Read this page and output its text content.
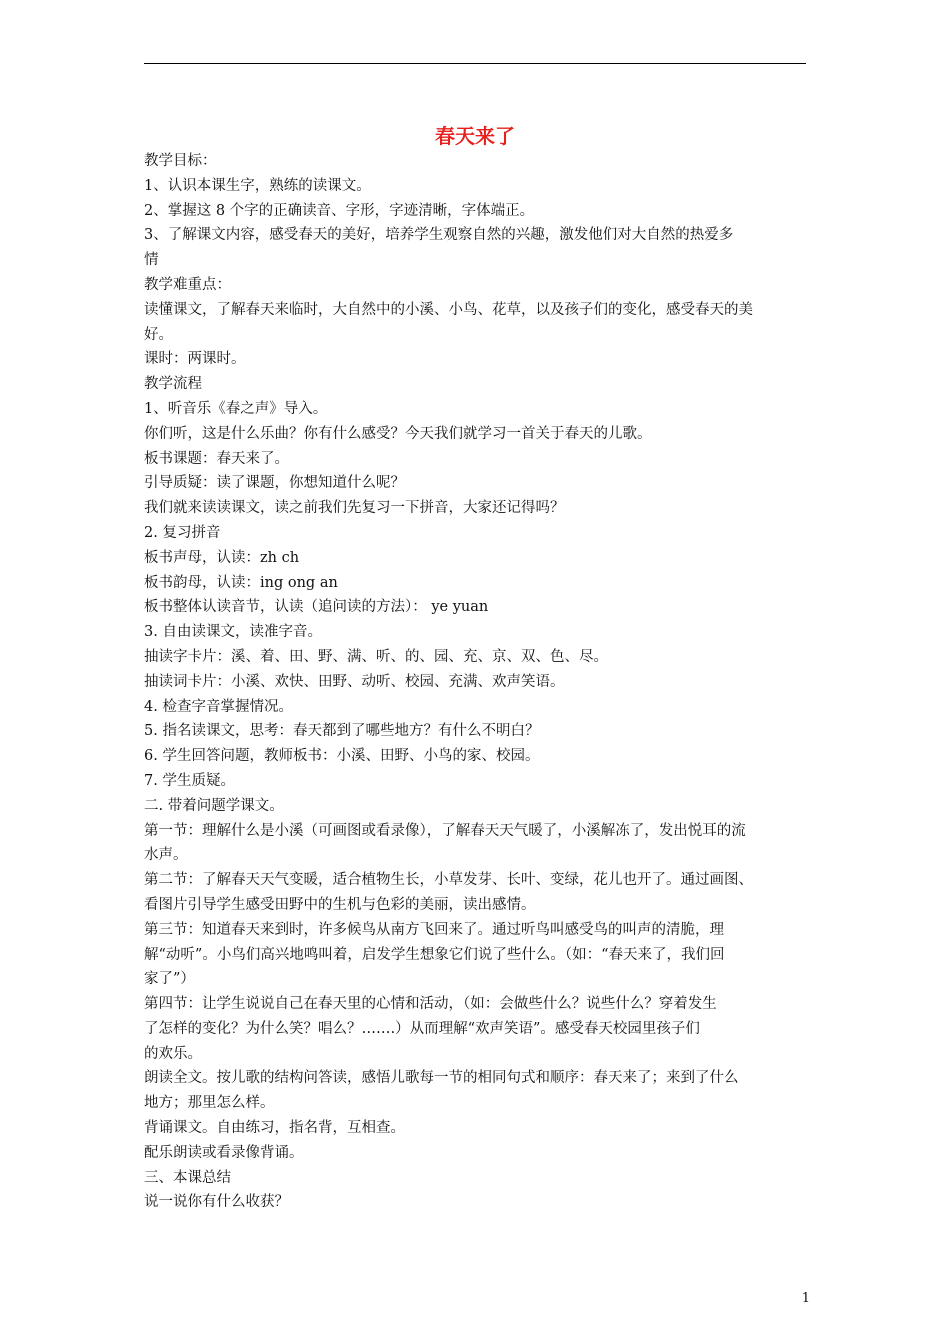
春天来了
教学目标：
1、认识本课生字，熟练的读课文。
2、掌握这 8 个字的正确读音、字形，字迹清晰，字体端正。
3、了解课文内容，感受春天的美好，培养学生观察自然的兴趣，激发他们对大自然的热爱多
情
教学难重点：
读懂课文，了解春天来临时，大自然中的小溪、小鸟、花草，以及孩子们的变化，感受春天的美
好。
课时：两课时。
教学流程
1、听音乐《春之声》导入。
你们听，这是什么乐曲？你有什么感受？今天我们就学习一首关于春天的儿歌。
板书课题：春天来了。
引导质疑：读了课题，你想知道什么呢？
我们就来读读课文，读之前我们先复习一下拼音，大家还记得吗？
2. 复习拼音
板书声母，认读：zh ch
板书韵母，认读：ing ong an
板书整体认读音节，认读（追问读的方法）： ye yuan
3. 自由读课文，读准字音。
抽读字卡片：溪、着、田、野、满、听、的、园、充、京、双、色、尽。
抽读词卡片：小溪、欢快、田野、动听、校园、充满、欢声笑语。
4. 检查字音掌握情况。
5. 指名读课文，思考：春天都到了哪些地方？有什么不明白？
6. 学生回答问题，教师板书：小溪、田野、小鸟的家、校园。
7. 学生质疑。
二. 带着问题学课文。
第一节：理解什么是小溪（可画图或看录像），了解春天天气暖了，小溪解冻了，发出悦耳的流
水声。
第二节：了解春天天气变暖，适合植物生长，小草发芽、长叶、变绿，花儿也开了。通过画图、
看图片引导学生感受田野中的生机与色彩的美丽，读出感情。
第三节：知道春天来到时，许多候鸟从南方飞回来了。通过听鸟叫感受鸟的叫声的清脆，理
解“动听”。小鸟们高兴地鸣叫着，启发学生想象它们说了些什么。（如：“春天来了，我们回
家了”）
第四节：让学生说说自己在春天里的心情和活动，（如：会做些什么？说些什么？穿着发生
了怎样的变化？为什么笑？唱么？…….）从而理解“欢声笑语”。感受春天校园里孩子们
的欢乐。
朗读全文。按儿歌的结构问答读，感悟儿歌每一节的相同句式和顺序：春天来了；来到了什么
地方；那里怎么样。
背诵课文。自由练习，指名背，互相查。
配乐朗读或看录像背诵。
三、本课总结
说一说你有什么收获？
1
